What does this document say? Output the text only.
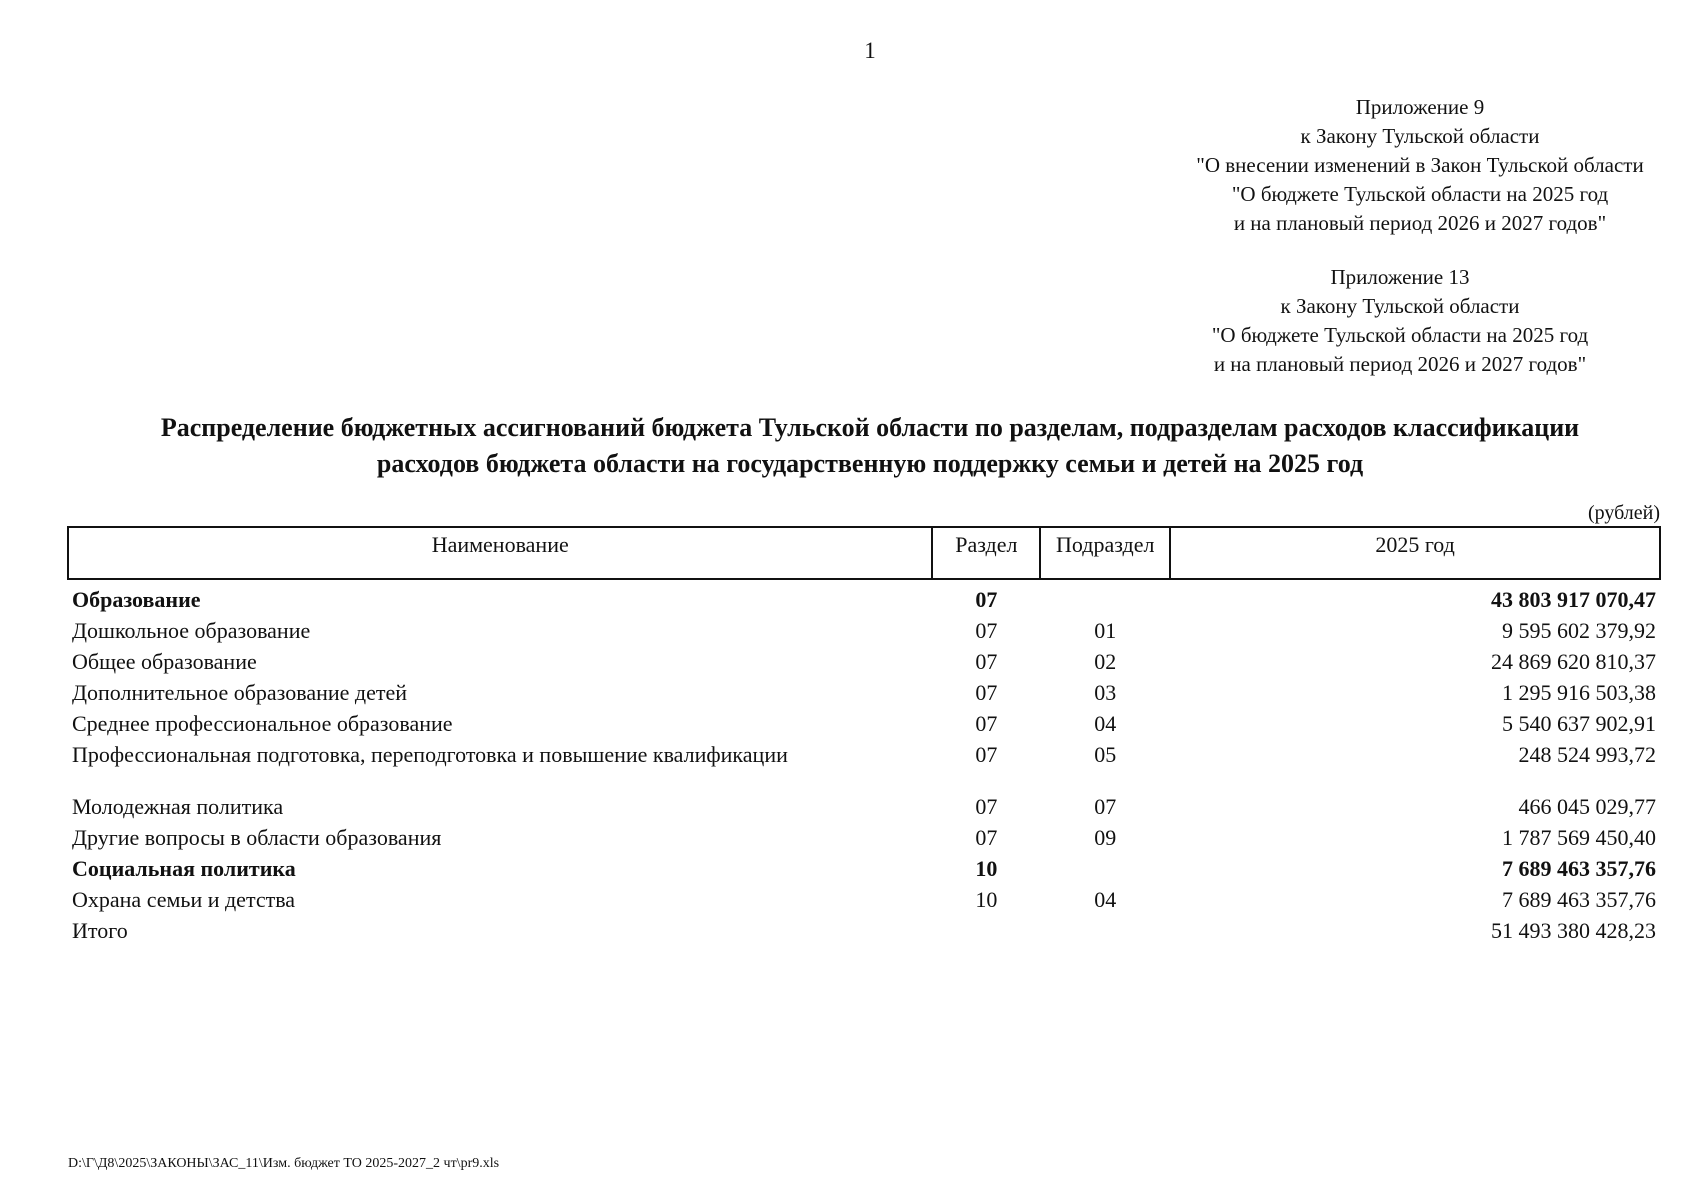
1
Приложение 9
к Закону Тульской области
"О внесении изменений в Закон Тульской области
"О бюджете Тульской области на 2025 год
и на плановый период 2026 и 2027 годов"
Приложение 13
к Закону Тульской области
"О бюджете Тульской области на 2025 год
и на плановый период 2026 и 2027 годов"
Распределение бюджетных ассигнований бюджета Тульской области по разделам, подразделам расходов классификации
расходов бюджета области на государственную поддержку семьи и детей на 2025 год
(рублей)
Наименование	Раздел	Подраздел	2025 год
Образование	07		43 803 917 070,47
Дошкольное образование	07	01	9 595 602 379,92
Общее образование	07	02	24 869 620 810,37
Дополнительное образование детей	07	03	1 295 916 503,38
Среднее профессиональное образование	07	04	5 540 637 902,91
Профессиональная подготовка, переподготовка и повышение квалификации	07	05	248 524 993,72
Молодежная политика	07	07	466 045 029,77
Другие вопросы в области образования	07	09	1 787 569 450,40
Социальная политика	10		7 689 463 357,76
Охрана семьи и детства	10	04	7 689 463 357,76
Итого			51 493 380 428,23
D:\Г\Д8\2025\ЗАКОНЫ\ЗАС_11\Изм. бюджет ТО 2025-2027_2 чт\pr9.xls
